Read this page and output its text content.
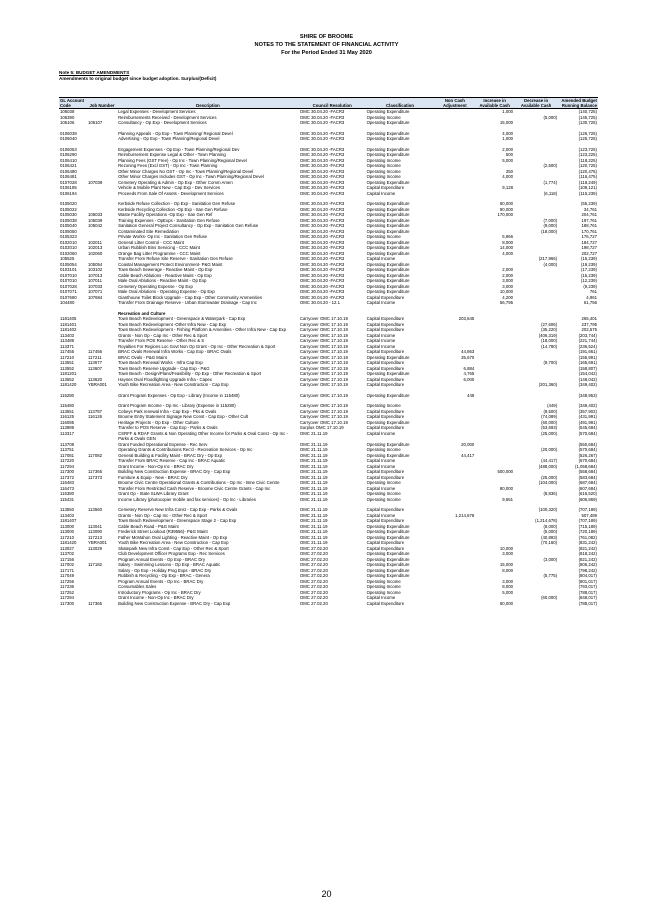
SHIRE OF BROOME
NOTES TO THE STATEMENT OF FINANCIAL ACTIVITY
For the Period Ended 31 May 2020
Note 5: BUDGET AMENDMENTS
Amendments to original budget since budget adoption. Surplus/(Deficit)
GL Account Code	Job Number	Description	Council Resolution	Classification	Non Cash Adjustment	Increase in Available Cash	Decrease in Available Cash	Amended Budget Running Balance
106038		Legal Expenses - Development Services	OMC 30.04.20 -FACR3	Operating Expenditure		1,000		(140,725)
106390		Reimbursements Received - Development Services	OMC 30.04.20 -FACR3	Operating Income			(5,000)	(145,725)
106106	106107	Consultancy - Op Exp - Development Services	OMC 30.04.20 -FACR3	Operating Expenditure		15,000		(130,725)

0106039		Planning Appeals - Op Exp - Town Planning/ Regional Devel	OMC 30.04.20 -FACR3	Operating Expenditure		4,000		(126,725)
0106040		Advertising - Op Exp - Town Planning/Regional Devel	OMC 30.04.20 -FACR3	Operating Expenditure		1,000		(125,725)

0106053		Engagement Expenses - Op Exp - Town Planning/Regional Dev	OMC 30.04.20 -FACR3	Operating Expenditure		2,000		(123,725)
0106290		Reimbursement Expense Legal & Other - Town Planning	OMC 30.04.20 -FACR3	Operating Expenditure		500		(123,225)
0106410		Planning Fees (GST Free) - Op Inc - Town Planning/Regional Devel	OMC 30.04.20 -FACR3	Operating Income		5,000		(118,225)
0106421		Rezoning Fees (Excl GST) - Op Inc - Town Planning	OMC 30.04.20 -FACR3	Operating Income			(2,500)	(120,725)
0106480		Other Minor Charges No GST - Op Inc - Town Planning/Regional Devel	OMC 30.04.20 -FACR3	Operating Income		250		(120,475)
0106481		Other Minor Charges Includes GST - Op Inc - Town Planning/Regional Devel	OMC 30.04.20 -FACR3	Operating Income		4,000		(116,475)
0107028	107039	Cemetery Operating & Admin - Op Exp - Other Comm Amen	OMC 30.04.20 -FACR3	Operating Expenditure			(1,774)	(118,249)
0106185		Vehicle & Mobile Plant New - Cap Exp - Dev Services	OMC 30.04.20 -FACR3	Capital Expenditure		9,128		(109,121)
0106194		Proceeds From Sale Of Assets - Development Services	OMC 30.04.20 -FACR3	Capital Income			(6,118)	(115,239)

0105020		Kerbside Refuse Collection - Op Exp - Sanitation Gen Refuse	OMC 30.04.20 -FACR3	Operating Expenditure		60,000		(55,239)
0105022		Kerbside Recycling Collection -Op Exp - San Gen Refuse	OMC 30.04.20 -FACR3	Operating Expenditure		90,000		34,761
0105030	105033	Waste Facility Operations -Op Exp - San Gen Ref	OMC 30.04.20 -FACR3	Operating Expenditure		170,000		204,761
0105038	105039	Training Expenses - OpExps - Sanitation Gen Refuse	OMC 30.04.20 -FACR3	Operating Expenditure			(7,000)	197,761
0105040	105042	Sanitation General Project Consultancy - Op Exp - Sanitation Gen Refuse	OMC 30.04.20 -FACR3	Operating Expenditure			(9,000)	188,761
0105050		Contaminated Site Remediation	OMC 30.04.20 -FACR3	Operating Expenditure			(18,000)	170,761
0105323		Private Works- Op Inc - Sanitation Gen Refuse	OMC 30.04.20 -FACR3	Operating Income		5,966		176,727
0102010	102011	General Litter Control - CCC Maint	OMC 30.04.20 -FACR3	Operating Expenditure		8,000		184,727
0102010	102013	Urban Rubbish Bins Servicing - CCC Maint	OMC 30.04.20 -FACR3	Operating Expenditure		14,000		198,727
0102060	102060	Orange Bag Litter Programme - CCC Maint	OMC 30.04.20 -FACR3	Operating Expenditure		4,000		202,727
105525		Transfer From Refuse Site Reserve - Sanitation Gen Refuse	OMC 30.04.20 -FACR3	Capital Income			(217,966)	(15,239)
0105054	105054	Coastal Management Protect Environment- P&G Maint	OMC 30.04.20 -FACR3	Operating Expenditure			(4,000)	(19,239)
0103101	103102	Town Beach Sewerage - Reactive Maint - Op Exp	OMC 30.04.20 -FACR3	Operating Expenditure		2,000		(17,239)
0107010	107013	Cable Beach Ablutions - Reactive Maint - Op Exp	OMC 30.04.20 -FACR3	Operating Expenditure		2,000		(15,239)
0107010	107011	Male Oval Ablutions - Reactive Maint - Op Exp	OMC 30.04.20 -FACR3	Operating Expenditure		3,000		(12,239)
0107028	107033	Cemetery Operating Expense - Op Exp	OMC 30.04.20 -FACR3	Operating Expenditure		3,000		(9,239)
0107071	107071	Male Oval Ablutions - Operating Expense - Op Exp	OMC 30.04.20 -FACR3	Operating Expenditure		10,000		761
0107680	107684	Gianthoune Toilet Block Upgrade - Cap Exp - Other Community Ammenities	OMC 30.04.20 -FACR3	Capital Expenditure		4,200		4,961
104480		Transfer From Drainage Reserve - Urban Stormwater Drainage - Cap Inc	OMC 30.04.20 - 12.1	Capital Income		56,795		61,756

		Recreation and Culture						
1181405		Town Beach Redevelopment - Greenspace & Waterpark - Cap Exp	Carryover OMC 17.10.19	Capital Expenditure	203,645			265,401
1181401		Town Beach Redevelopment -Other Infra New - Cap Exp	Carryover OMC 17.10.19	Capital Expenditure			(27,606)	237,795
1181402		Town Beach Redevelopment - Fishing Platform & Amenities - Other Infra New - Cap Exp	Carryover OMC 17.10.19	Capital Expenditure			(35,220)	202,575
113403		Grants - Non Op - Cap Inc - Other Rec & Sport	Carryover OMC 17.10.19	Capital Income			(406,319)	(203,744)
113489		Transfer From POS Reserve - Other Rec & S	Carryover OMC 17.10.19	Capital Income			(18,000)	(221,744)
113371		Royalties For Regions Loc Govt Non Op Grant - Op Inc - Other Recreation & Sport	Carryover OMC 17.10.19	Capital Income			(14,780)	(236,524)
117455	117456	BRAC Ovals Renewal Infra Works - Cap Exp - BRAC Ovals	Carryover OMC 17.10.19	Capital Expenditure	44,863			(191,661)
117210	117211	BRAC Ovals - P&G Maint	Carryover OMC 17.10.19	Operating Expenditure	35,670			(155,991)
113551	113677	Town Beach Renewal Works - Infra Cap Exp	Carryover OMC 17.10.19	Capital Expenditure			(9,700)	(165,691)
113552	113607	Town Beach Reserve Upgrade - Cap Exp - P&G	Carryover OMC 17.10.19	Capital Expenditure	6,884			(158,807)
1181201		Town Beach - Design/Plans/Feasibility - Op Exp - Other Recreation & Sport	Carryover OMC 17.10.19	Operating Expenditure	4,765			(154,042)
113552	113620	Haynes Oval Floodlighting Upgrade Infra - Capex	Carryover OMC 17.10.19	Capital Expenditure	6,000			(148,042)
1181420	YBRA001	Youth Bike Recreation Area - New Construction - Cap Exp	Carryover OMC 17.10.19	Capital Expenditure			(201,360)	(349,402)

115280		Grant Program Expenses - Op Exp - Library (Income in 115480)	Carryover OMC 17.10.19	Operating Expenditure	449			(348,953)

115480		Grant Program Income - Op Inc - Library (Expense in 115280)	Carryover OMC 17.10.19	Operating Income			(449)	(349,402)
113551	113787	Cobeys Park renewal Infra - Cap Exp - Pks & Ovals	Carryover OMC 17.10.19	Capital Expenditure			(8,500)	(357,902)
116125	116126	Broome Entry Statement Signage New Const - Cap Exp - Other Cult	Carryover OMC 17.10.19	Capital Expenditure			(74,089)	(431,991)
116085		Heritage Projects - Op Exp - Other Culture	Carryover OMC 17.10.19	Operating Expenditure			(60,000)	(491,991)
113989		Transfer to POS Reserve - Cap Exp - Parks & Ovals	Surplus OMC 17.10.19	Capital Expenditure			(53,693)	(545,684)
113317		CSRFF & RDAF Grants & Non Operating Other Income for Parks & Oval Const - Op Inc - Parks & Ovals GEN	OMC 21.11.19	Capital Income			(25,000)	(570,684)
113708		Grant Funded Operational Expense - Rec Serv	OMC 21.11.19	Operating Expenditure	20,000			(550,684)
113751		Operating Grants & Contributions Rec'd - Recreation Services - Op Inc	OMC 21.11.19	Operating Income			(20,000)	(570,684)
117081	117082	General Building & Facility Maint - BRAC Dry - Op Exp	OMC 21.11.19	Operating Expenditure	44,417			(526,267)
117220		Transfer From BRAC Reserve - Cap Inc - BRAC Aquatic	OMC 21.11.19	Capital Income			(44,417)	(570,684)
117294		Grant Income - Non-Op Inc - BRAC Dry	OMC 21.11.19	Capital Income			(488,000)	(1,058,684)
117300	117365	Building New Construction Expense - BRAC Dry - Cap Exp	OMC 21.11.19	Capital Expenditure		500,000		(558,684)
117372	117373	Furniture & Equip - New - BRAC Dry	OMC 21.11.19	Capital Expenditure			(25,000)	(583,684)
116483		Broome Civic Centre Operational Grants & Contributions - Op Inc - Bme Civic Centre	OMC 21.11.19	Operating Income			(104,000)	(687,684)
116473		Transfer From Restricted Cash Reserve - Broome Civic Centre Grants - Cap Inc	OMC 21.11.19	Capital Income		80,000		(607,684)
115380		Grant Op - State SLWA Library Grant	OMC 21.11.19	Operating Income			(8,836)	(616,520)
115431		Income Library (photocopier mobile and fax services) - Op Inc - Libraries	OMC 21.11.19	Operating Income		9,651		(606,869)

113550	113560	Cemetery Reserve New Infra Const - Cap Exp - Parks & Ovals	OMC 21.11.19	Capital Expenditure			(100,320)	(707,189)
113403		Grants - Non Op - Cap Inc - Other Rec & Sport	OMC 21.11.19	Capital Income	1,214,678			507,489
1181407		Town Beach Redevelopment - Greenspace Stage 2 - Cap Exp	OMC 21.11.19	Capital Expenditure			(1,214,678)	(707,189)
113000	113041	Cable Beach Road - P&G Maint	OMC 21.11.19	Operating Expenditure			(8,000)	(715,189)
113000	113090	Frederick Street Lookout (R39556)- P&G Maint	OMC 21.11.19	Operating Expenditure			(5,000)	(720,189)
117210	117213	Father McMahon Oval Lighting - Reactive Maint - Op Exp	OMC 21.11.19	Operating Expenditure			(40,893)	(761,082)
1181420	YBRA001	Youth Bike Recreation Area - New Construction - Cap Exp	OMC 21.11.19	Capital Expenditure			(70,160)	(831,242)
113027	113029	Skatepark New Infra Const - Cap Exp - Other Rec & Sport	OMC 27.02.20	Capital Expenditure		10,000		(821,242)
113702		Club Development Officer Programs Exp - Rec Services	OMC 27.02.20	Operating Expenditure		3,000		(818,242)
117156		Program Annual Events - Op Exp - BRAC Dry	OMC 27.02.20	Operating Expenditure			(3,000)	(821,242)
117002	117182	Salary - Swimming Lessons - Op Exp - BRAC Aquatic	OMC 27.02.20	Operating Expenditure		15,000		(806,242)
117171		Salary - Op Exp - Holiday Prog Exps - BRAC Dry	OMC 27.02.20	Operating Expenditure		8,000		(798,242)
117049		Rubbish & Recycling - Op Exp - BRAC - Genera	OMC 27.02.20	Operating Expenditure			(5,775)	(804,017)
117256		Program Annual Events - Op Inc - BRAC Dry	OMC 27.02.20	Operating Income		3,000		(801,017)
117236		Consumables Sales	OMC 27.02.20	Operating Income		8,000		(793,017)
117252		Introductory Programs - Op Inc - BRAC Dry	OMC 27.02.20	Operating Income		5,000		(788,017)
117294		Grant Income - Non-Op Inc - BRAC Dry	OMC 27.02.20	Capital Income			(60,000)	(848,017)
117300	117365	Building New Construction Expense - BRAC Dry - Cap Exp	OMC 27.02.20	Capital Expenditure		60,000		(788,017)
20
